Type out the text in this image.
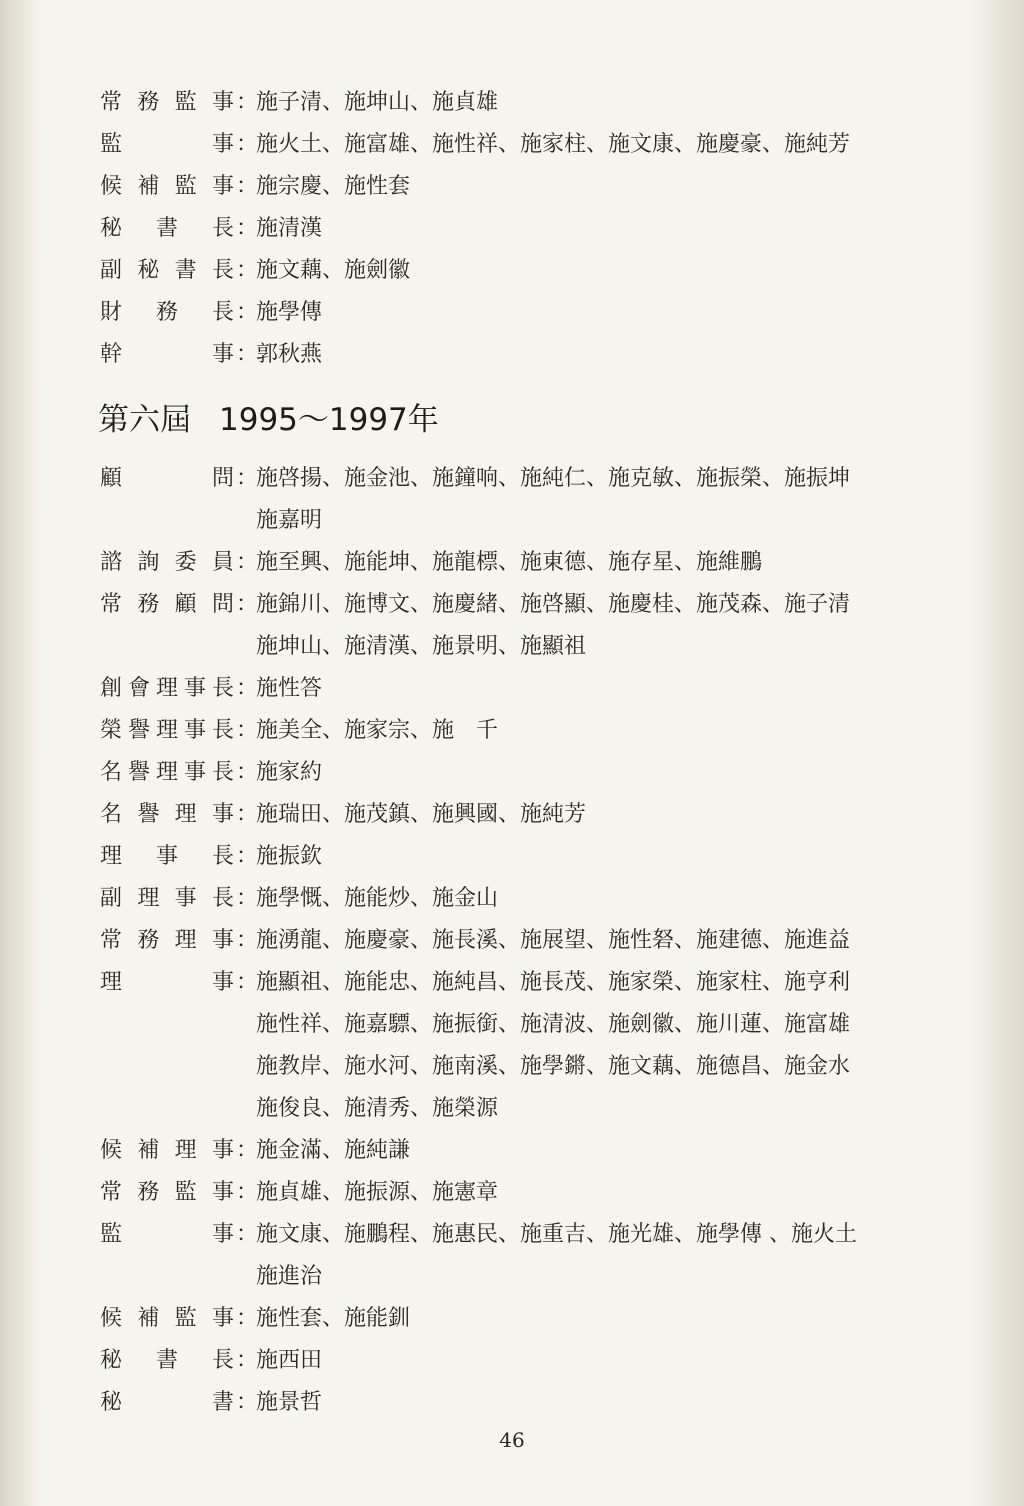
常 務 監 事 ：
施子清、施坤山、施貞雄
監	事 ：
施火土、施富雄、施性祥、施家柱、施文康、施慶豪、施純芳
候 補 監 事 ：
施宗慶、施性套
秘 書 長 ：
施清漢
副 秘 書 長 ：
施文藕、施劍徽
財 務 長 ：
施學傳
幹	事 ：
郭秋燕
第六屆 1995～1997年
顧	問 ：
施啓揚、施金池、施鐘响、施純仁、施克敏、施振榮、施振坤
施嘉明
諮 詢 委 員 ：
施至興、施能坤、施龍標、施東德、施存星、施維鵬
常 務 顧 問 ：
施錦川、施博文、施慶緒、施啓顯、施慶桂、施茂森、施子清
施坤山、施清漢、施景明、施顯祖
創 會 理 事 長 ：
施性答
榮 譽 理 事 長 ：
施美全、施家宗、施　千
名 譽 理 事 長 ：
施家約
名 譽 理 事 ：
施瑞田、施茂鎮、施興國、施純芳
理 事 長 ：
施振欽
副 理 事 長 ：
施學慨、施能炒、施金山
常 務 理 事 ：
施湧龍、施慶豪、施長溪、施展望、施性砮、施建德、施進益
理	事 ：
施顯祖、施能忠、施純昌、施長茂、施家榮、施家柱、施亨利
施性祥、施嘉驃、施振銜、施清波、施劍徽、施川蓮、施富雄
施教岸、施水河、施南溪、施學鏘、施文藕、施德昌、施金水
施俊良、施清秀、施榮源
候 補 理 事 ：
施金滿、施純謙
常 務 監 事 ：
施貞雄、施振源、施憲章
監	事 ：
施文康、施鵬程、施惠民、施重吉、施光雄、施學傳 、施火土
施進治
候 補 監 事 ：
施性套、施能釧
秘 書 長 ：
施西田
秘	書 ：
施景哲
46
